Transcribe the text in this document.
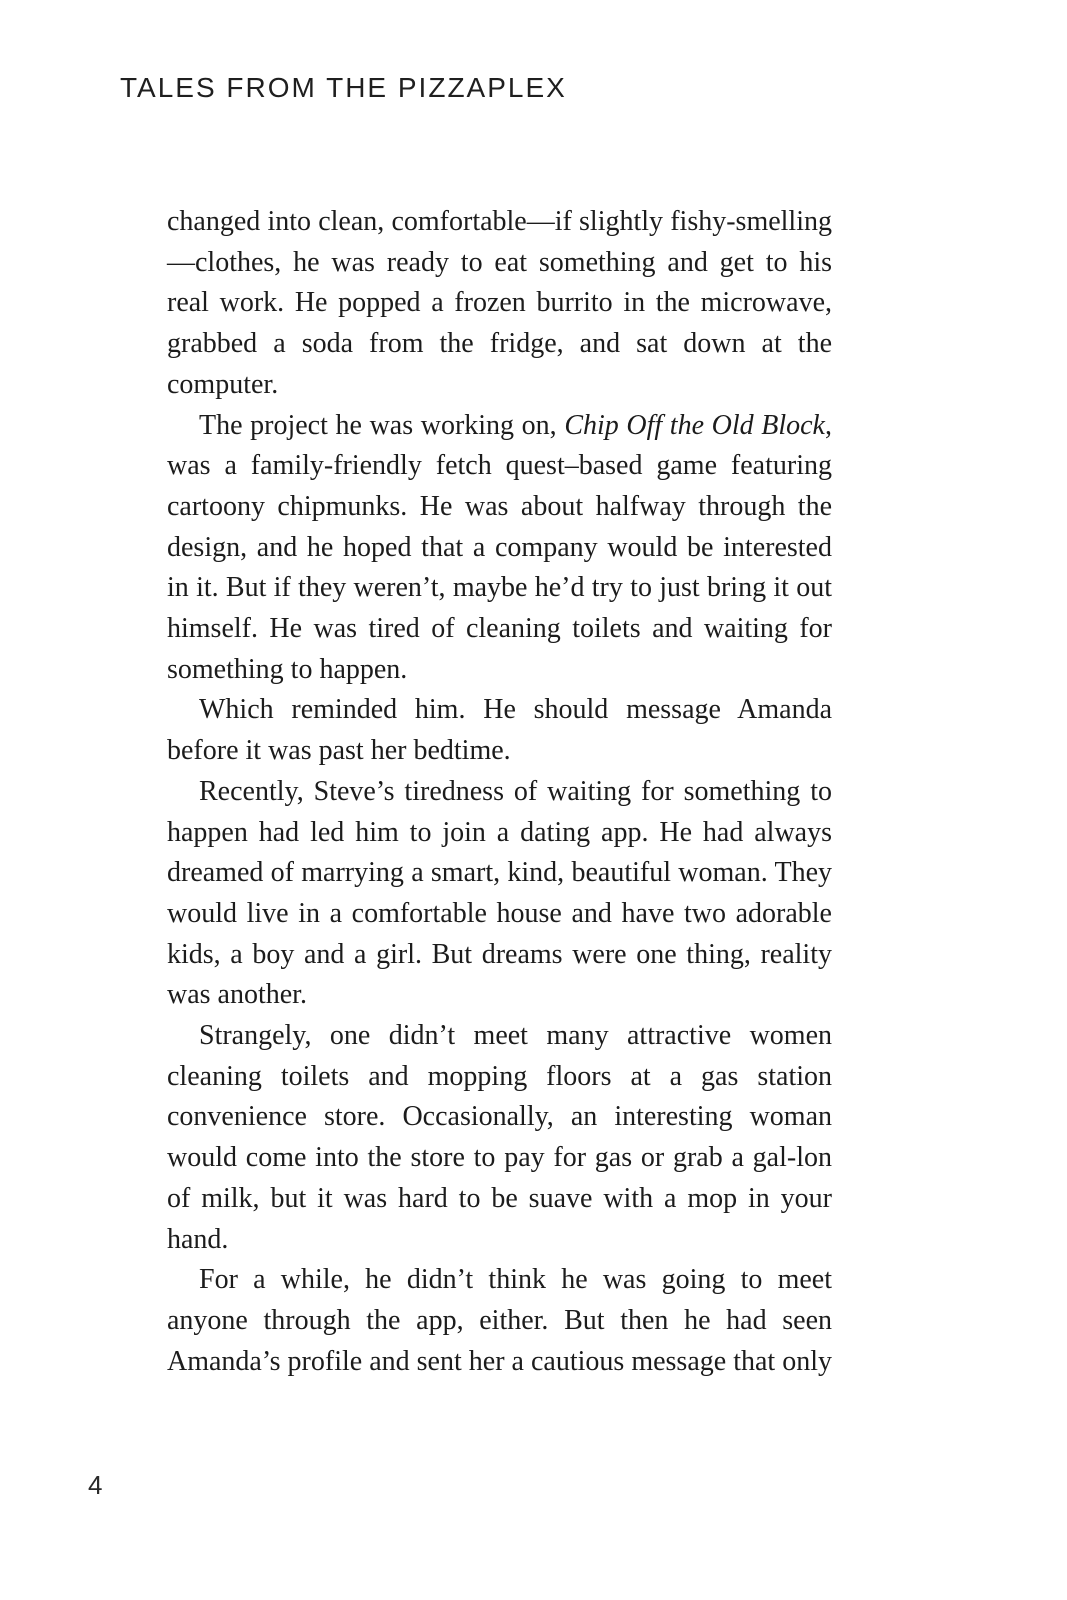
TALES FROM THE PIZZAPLEX

changed into clean, comfortable—if slightly fishy-smelling—clothes, he was ready to eat something and get to his real work. He popped a frozen burrito in the microwave, grabbed a soda from the fridge, and sat down at the computer.

The project he was working on, Chip Off the Old Block, was a family-friendly fetch quest–based game featuring cartoony chipmunks. He was about halfway through the design, and he hoped that a company would be interested in it. But if they weren’t, maybe he’d try to just bring it out himself. He was tired of cleaning toilets and waiting for something to happen.

Which reminded him. He should message Amanda before it was past her bedtime.

Recently, Steve’s tiredness of waiting for something to happen had led him to join a dating app. He had always dreamed of marrying a smart, kind, beautiful woman. They would live in a comfortable house and have two adorable kids, a boy and a girl. But dreams were one thing, reality was another.

Strangely, one didn’t meet many attractive women cleaning toilets and mopping floors at a gas station convenience store. Occasionally, an interesting woman would come into the store to pay for gas or grab a gal-lon of milk, but it was hard to be suave with a mop in your hand.

For a while, he didn’t think he was going to meet anyone through the app, either. But then he had seen Amanda’s profile and sent her a cautious message that only

4
